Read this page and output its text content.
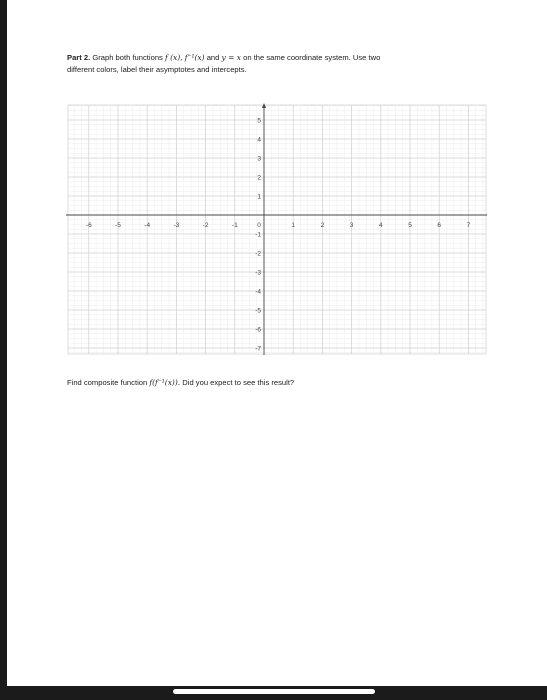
Part 2. Graph both functions f (x), f⁻¹(x) and y = x on the same coordinate system. Use two
different colors, label their asymptotes and intercepts.
-6	-5	-4	-3	-2	-1	0	1	2	3	4	5	6	7
5
4
3
2
1
-1
-2
-3
-4
-5
-6
-7
Find composite function f(f⁻¹(x)). Did you expect to see this result?
